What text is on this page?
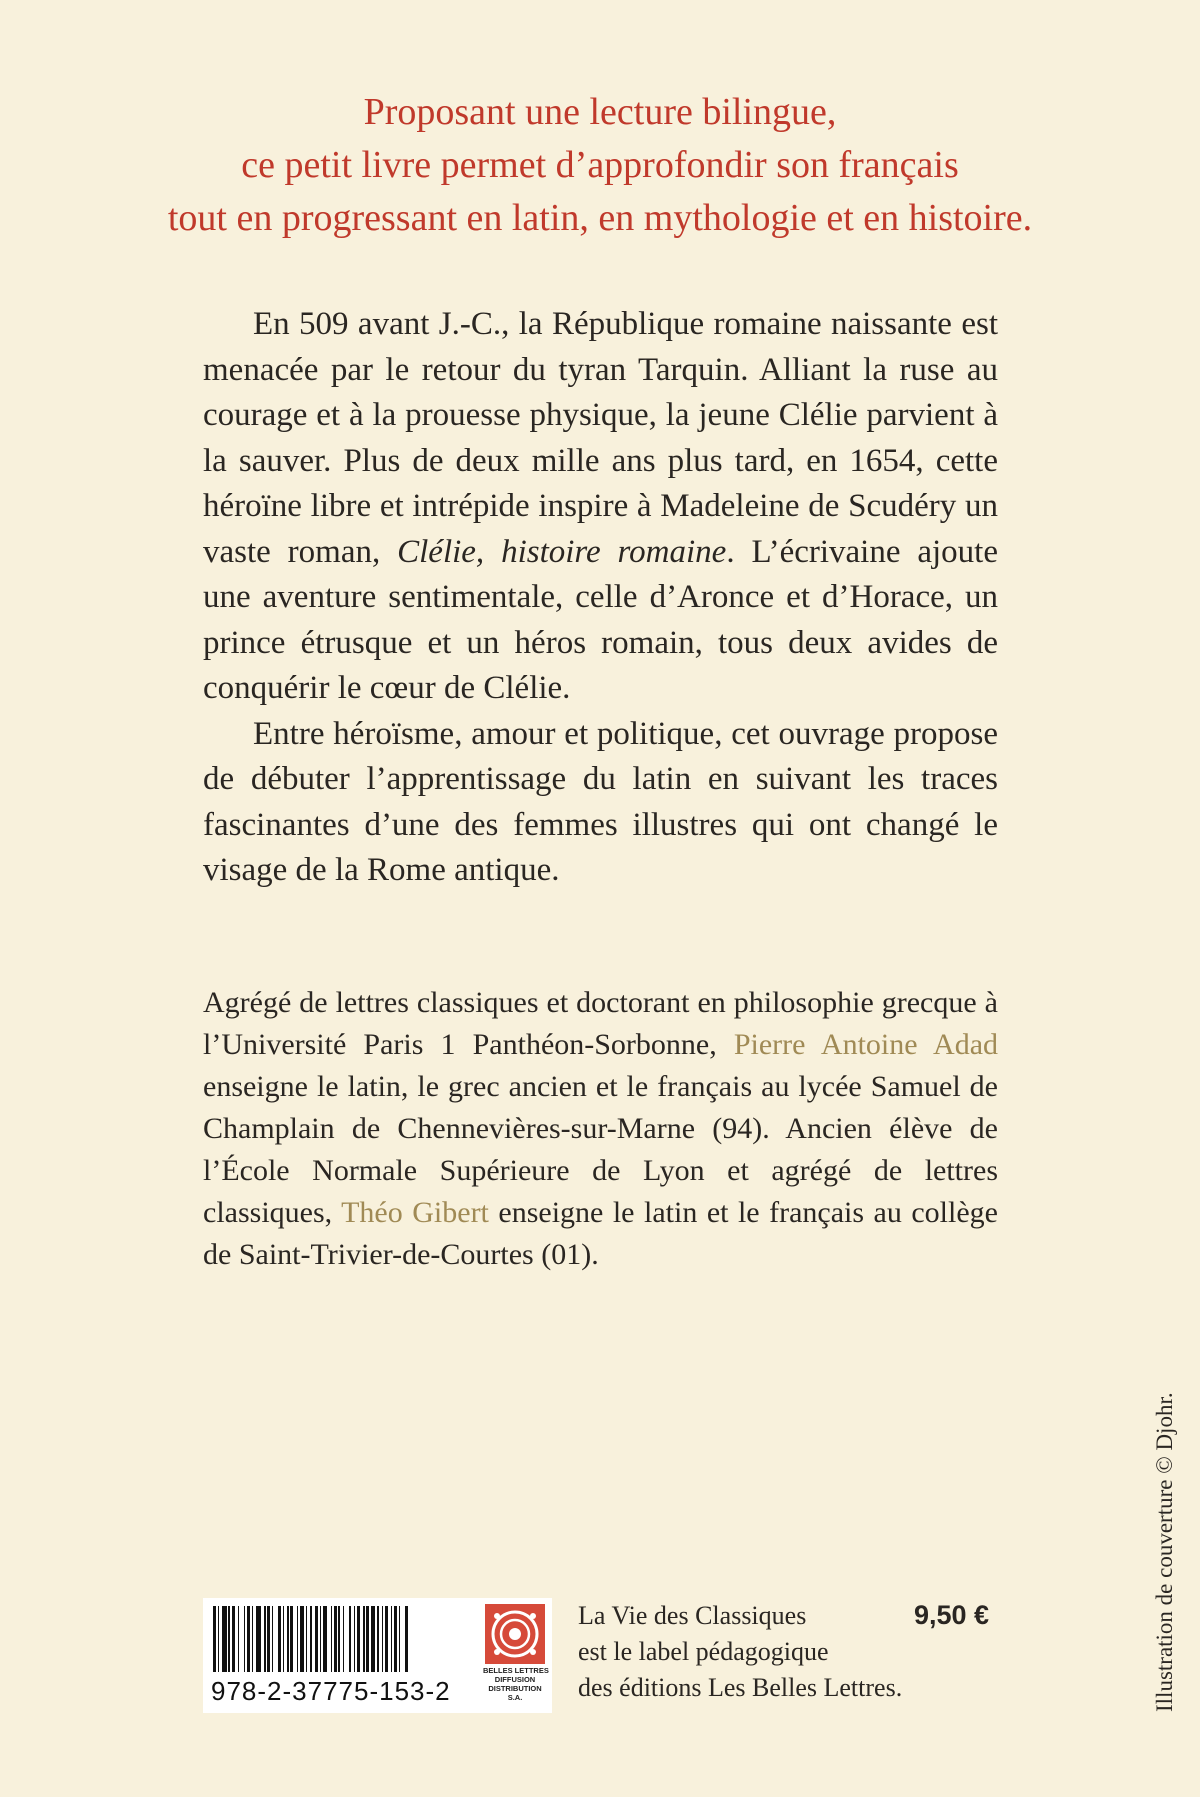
Proposant une lecture bilingue,
ce petit livre permet d’approfondir son français
tout en progressant en latin, en mythologie et en histoire.

En 509 avant J.-C., la République romaine naissante est menacée par le retour du tyran Tarquin. Alliant la ruse au courage et à la prouesse physique, la jeune Clélie parvient à la sauver. Plus de deux mille ans plus tard, en 1654, cette héroïne libre et intrépide inspire à Madeleine de Scudéry un vaste roman, Clélie, histoire romaine. L’écrivaine ajoute une aventure sentimentale, celle d’Aronce et d’Horace, un prince étrusque et un héros romain, tous deux avides de conquérir le cœur de Clélie.

Entre héroïsme, amour et politique, cet ouvrage propose de débuter l’apprentissage du latin en suivant les traces fascinantes d’une des femmes illustres qui ont changé le visage de la Rome antique.

Agrégé de lettres classiques et doctorant en philosophie grecque à l’Université Paris 1 Panthéon-Sorbonne, Pierre Antoine Adad enseigne le latin, le grec ancien et le français au lycée Samuel de Champlain de Chennevières-sur-Marne (94). Ancien élève de l’École Normale Supérieure de Lyon et agrégé de lettres classiques, Théo Gibert enseigne le latin et le français au collège de Saint-Trivier-de-Courtes (01).

Illustration de couverture © Djohr.
978-2-37775-153-2
BELLES LETTRES
DIFFUSION
DISTRIBUTION
S.A.
La Vie des Classiques
est le label pédagogique
des éditions Les Belles Lettres.
9,50 €
